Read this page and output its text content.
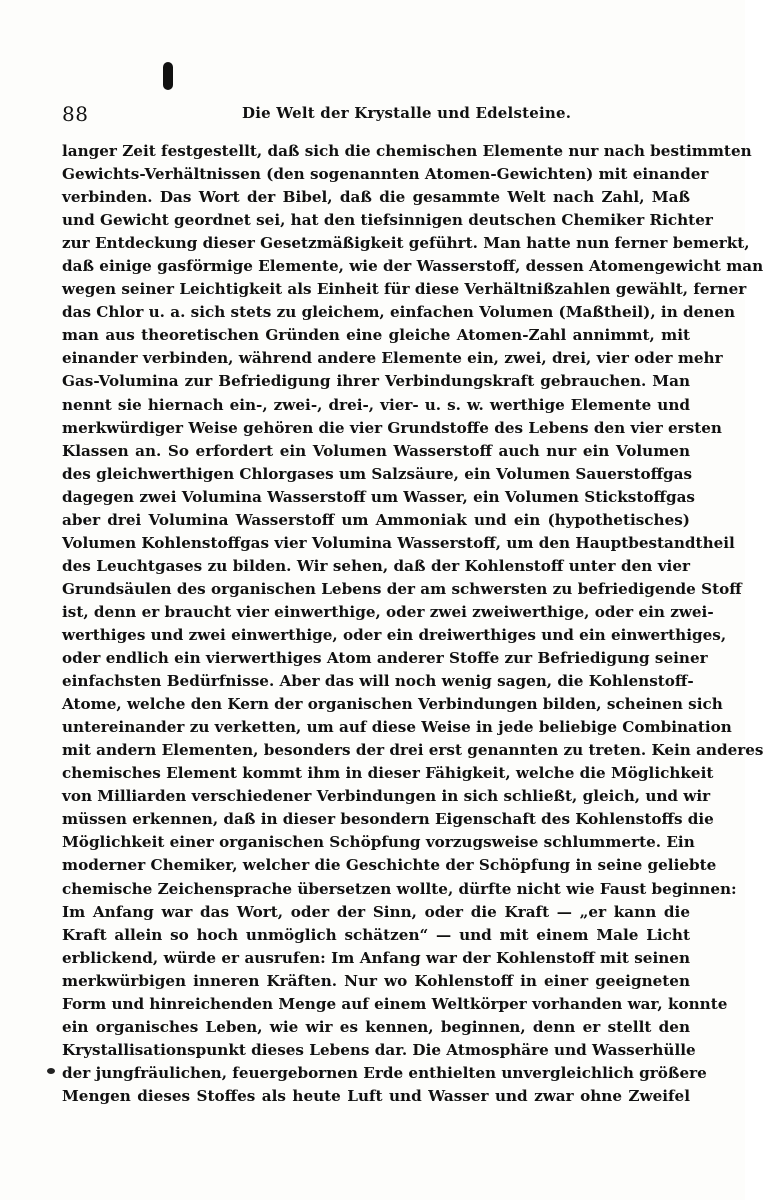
88	Die Welt der Krystalle und Edelsteine.
langer Zeit festgestellt, daß sich die chemischen Elemente nur nach bestimmten
Gewichts-Verhältnissen (den sogenannten Atomen-Gewichten) mit einander
verbinden. Das Wort der Bibel, daß die gesammte Welt nach Zahl, Maß
und Gewicht geordnet sei, hat den tiefsinnigen deutschen Chemiker Richter
zur Entdeckung dieser Gesetzmäßigkeit geführt. Man hatte nun ferner bemerkt,
daß einige gasförmige Elemente, wie der Wasserstoff, dessen Atomengewicht man
wegen seiner Leichtigkeit als Einheit für diese Verhältnißzahlen gewählt, ferner
das Chlor u. a. sich stets zu gleichem, einfachen Volumen (Maßtheil), in denen
man aus theoretischen Gründen eine gleiche Atomen-Zahl annimmt, mit
einander verbinden, während andere Elemente ein, zwei, drei, vier oder mehr
Gas-Volumina zur Befriedigung ihrer Verbindungskraft gebrauchen. Man
nennt sie hiernach ein-, zwei-, drei-, vier- u. s. w. werthige Elemente und
merkwürdiger Weise gehören die vier Grundstoffe des Lebens den vier ersten
Klassen an. So erfordert ein Volumen Wasserstoff auch nur ein Volumen
des gleichwerthigen Chlorgases um Salzsäure, ein Volumen Sauerstoffgas
dagegen zwei Volumina Wasserstoff um Wasser, ein Volumen Stickstoffgas
aber drei Volumina Wasserstoff um Ammoniak und ein (hypothetisches)
Volumen Kohlenstoffgas vier Volumina Wasserstoff, um den Hauptbestandtheil
des Leuchtgases zu bilden. Wir sehen, daß der Kohlenstoff unter den vier
Grundsäulen des organischen Lebens der am schwersten zu befriedigende Stoff
ist, denn er braucht vier einwerthige, oder zwei zweiwerthige, oder ein zwei-
werthiges und zwei einwerthige, oder ein dreiwerthiges und ein einwerthiges,
oder endlich ein vierwerthiges Atom anderer Stoffe zur Befriedigung seiner
einfachsten Bedürfnisse. Aber das will noch wenig sagen, die Kohlenstoff-
Atome, welche den Kern der organischen Verbindungen bilden, scheinen sich
untereinander zu verketten, um auf diese Weise in jede beliebige Combination
mit andern Elementen, besonders der drei erst genannten zu treten. Kein anderes
chemisches Element kommt ihm in dieser Fähigkeit, welche die Möglichkeit
von Milliarden verschiedener Verbindungen in sich schließt, gleich, und wir
müssen erkennen, daß in dieser besondern Eigenschaft des Kohlenstoffs die
Möglichkeit einer organischen Schöpfung vorzugsweise schlummerte. Ein
moderner Chemiker, welcher die Geschichte der Schöpfung in seine geliebte
chemische Zeichensprache übersetzen wollte, dürfte nicht wie Faust beginnen:
Im Anfang war das Wort, oder der Sinn, oder die Kraft — „er kann die
Kraft allein so hoch unmöglich schätzen“ — und mit einem Male Licht
erblickend, würde er ausrufen: Im Anfang war der Kohlenstoff mit seinen
merkwürbigen inneren Kräften. Nur wo Kohlenstoff in einer geeigneten
Form und hinreichenden Menge auf einem Weltkörper vorhanden war, konnte
ein organisches Leben, wie wir es kennen, beginnen, denn er stellt den
Krystallisationspunkt dieses Lebens dar. Die Atmosphäre und Wasserhülle
der jungfräulichen, feuergebornen Erde enthielten unvergleichlich größere
Mengen dieses Stoffes als heute Luft und Wasser und zwar ohne Zweifel
